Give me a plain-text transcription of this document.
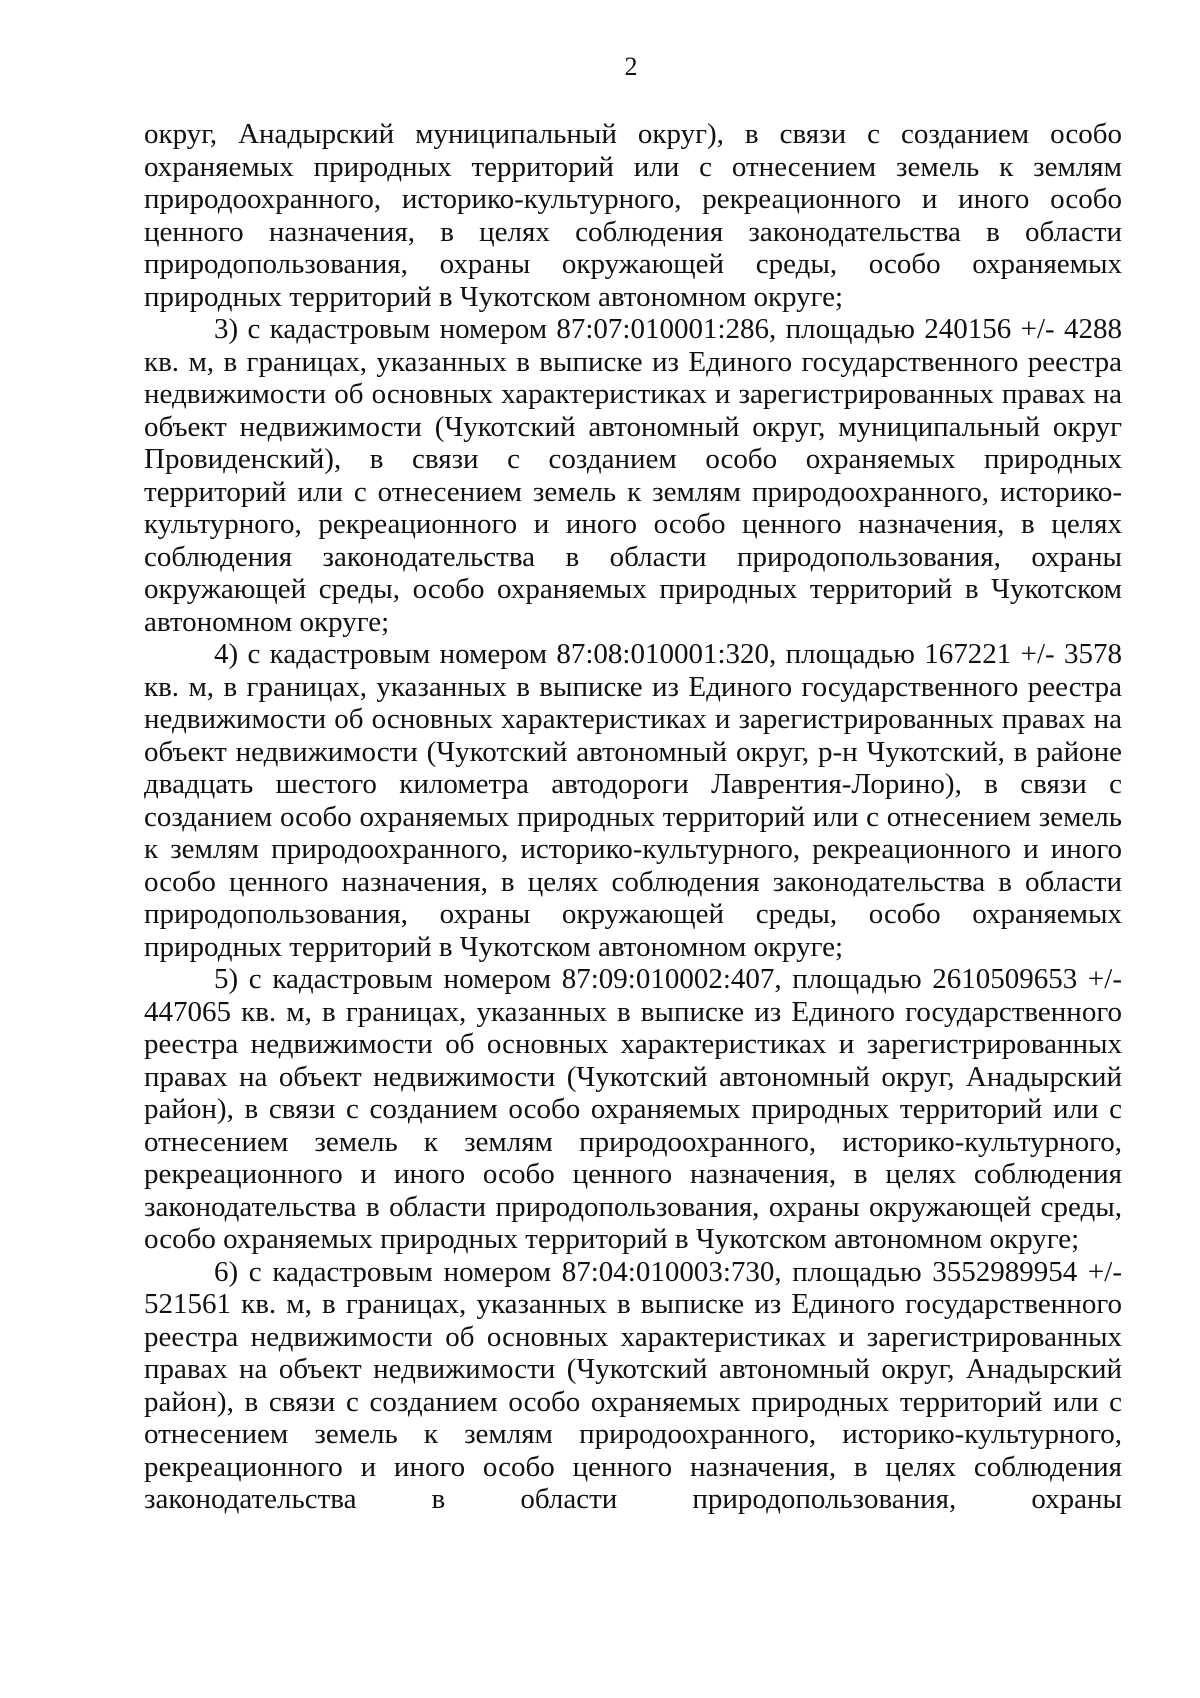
2

округ, Анадырский муниципальный округ), в связи с созданием особо охраняемых природных территорий или с отнесением земель к землям природоохранного, историко-культурного, рекреационного и иного особо ценного назначения, в целях соблюдения законодательства в области природопользования, охраны окружающей среды, особо охраняемых природных территорий в Чукотском автономном округе;

3) с кадастровым номером 87:07:010001:286, площадью 240156 +/- 4288 кв. м, в границах, указанных в выписке из Единого государственного реестра недвижимости об основных характеристиках и зарегистрированных правах на объект недвижимости (Чукотский автономный округ, муниципальный округ Провиденский), в связи с созданием особо охраняемых природных территорий или с отнесением земель к землям природоохранного, историко-культурного, рекреационного и иного особо ценного назначения, в целях соблюдения законодательства в области природопользования, охраны окружающей среды, особо охраняемых природных территорий в Чукотском автономном округе;

4) с кадастровым номером 87:08:010001:320, площадью 167221 +/- 3578 кв. м, в границах, указанных в выписке из Единого государственного реестра недвижимости об основных характеристиках и зарегистрированных правах на объект недвижимости (Чукотский автономный округ, р-н Чукотский, в районе двадцать шестого километра автодороги Лаврентия-Лорино), в связи с созданием особо охраняемых природных территорий или с отнесением земель к землям природоохранного, историко-культурного, рекреационного и иного особо ценного назначения, в целях соблюдения законодательства в области природопользования, охраны окружающей среды, особо охраняемых природных территорий в Чукотском автономном округе;

5) с кадастровым номером 87:09:010002:407, площадью 2610509653 +/- 447065 кв. м, в границах, указанных в выписке из Единого государственного реестра недвижимости об основных характеристиках и зарегистрированных правах на объект недвижимости (Чукотский автономный округ, Анадырский район), в связи с созданием особо охраняемых природных территорий или с отнесением земель к землям природоохранного, историко-культурного, рекреационного и иного особо ценного назначения, в целях соблюдения законодательства в области природопользования, охраны окружающей среды, особо охраняемых природных территорий в Чукотском автономном округе;

6) с кадастровым номером 87:04:010003:730, площадью 3552989954 +/- 521561 кв. м, в границах, указанных в выписке из Единого государственного реестра недвижимости об основных характеристиках и зарегистрированных правах на объект недвижимости (Чукотский автономный округ, Анадырский район), в связи с созданием особо охраняемых природных территорий или с отнесением земель к землям природоохранного, историко-культурного, рекреационного и иного особо ценного назначения, в целях соблюдения законодательства в области природопользования, охраны
